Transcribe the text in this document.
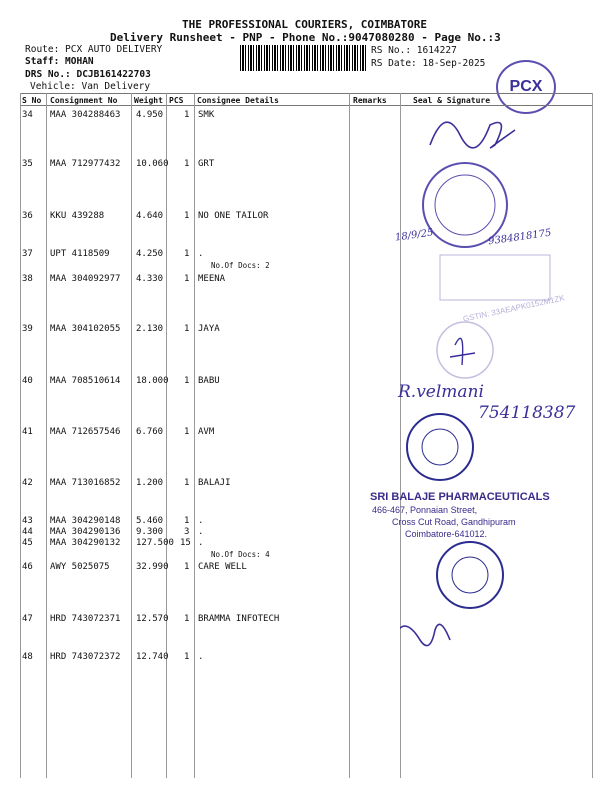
THE PROFESSIONAL COURIERS, COIMBATORE
Delivery Runsheet - PNP - Phone No.:9047080280 - Page No.:3
Route: PCX AUTO DELIVERY
Staff: MOHAN
DRS No.: DCJB161422703
Vehicle: Van Delivery
RS No.: 1614227
RS Date: 18-Sep-2025
PCX
S No Consignment No Weight PCS Consignee Details	Remarks	Seal & Signature
34 MAA 304288463 4.950 1 SMK
35 MAA 712977432 10.060 1 GRT
36 KKU 439288	4.640 1 NO ONE TAILOR
37 UPT 4118509	4.250 1 .
No.Of Docs: 2
38 MAA 304092977 4.330 1 MEENA
39 MAA 304102055 2.130 1 JAYA
40 MAA 708510614 18.000 1 BABU
41 MAA 712657546 6.760 1 AVM
42 MAA 713016852 1.200 1 BALAJI
43 MAA 304290148 5.460 1 .
44 MAA 304290136 9.300 3 .
45 MAA 304290132 127.500 15 .
No.Of Docs: 4
46 AWY 5025075	32.990 1 CARE WELL
47 HRD 743072371 12.570 1 BRAMMA INFOTECH
48 HRD 743072372 12.740 1 .
18/9/25	9384818175
GSTIN: 33AEAPK0152M1ZK
R.velmani
754118387
SRI BALAJE PHARMACEUTICALS
466-467, Ponnaian Street,
Cross Cut Road, Gandhipuram
Coimbatore-641012.
